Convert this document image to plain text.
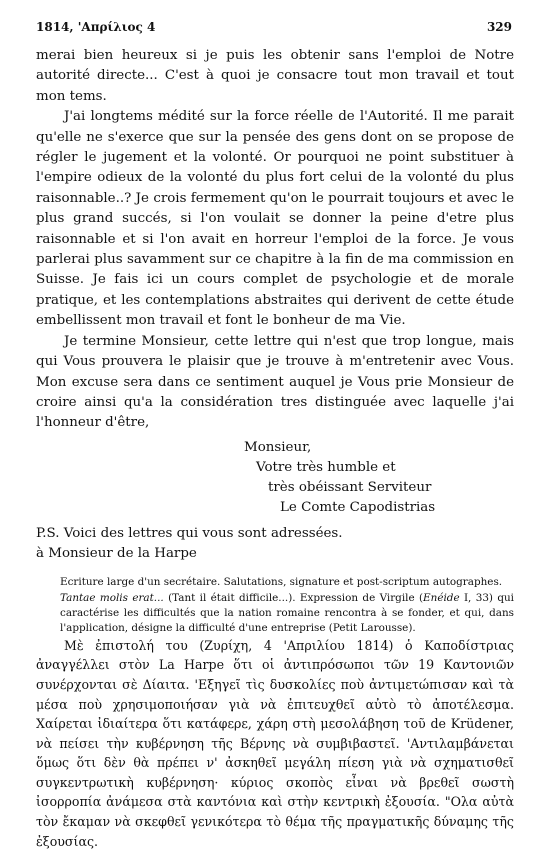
1814, 'Απρίλιος 4	329

merai bien heureux si je puis les obtenir sans l'emploi de Notre autorité directe... C'est à quoi je consacre tout mon travail et tout mon tems.

J'ai longtems médité sur la force réelle de l'Autorité. Il me parait qu'elle ne s'exerce que sur la pensée des gens dont on se propose de régler le jugement et la volonté. Or pourquoi ne point substituer à l'empire odieux de la volonté du plus fort celui de la volonté du plus raisonnable..? Je crois fermement qu'on le pourrait toujours et avec le plus grand succés, si l'on voulait se donner la peine d'etre plus raisonnable et si l'on avait en horreur l'emploi de la force. Je vous parlerai plus savamment sur ce chapitre à la fin de ma commission en Suisse. Je fais ici un cours complet de psychologie et de morale pratique, et les contemplations abstraites qui derivent de cette étude embellissent mon travail et font le bonheur de ma Vie.

Je termine Monsieur, cette lettre qui n'est que trop longue, mais qui Vous prouvera le plaisir que je trouve à m'entretenir avec Vous. Mon excuse sera dans ce sentiment auquel je Vous prie Monsieur de croire ainsi qu'a la considération tres distinguée avec laquelle j'ai l'honneur d'être,

Monsieur,
Votre très humble et
très obéissant Serviteur
Le Comte Capodistrias

P.S. Voici des lettres qui vous sont adressées.

à Monsieur de la Harpe

Ecriture large d'un secrétaire. Salutations, signature et post-scriptum autographes.

Tantae molis erat... (Tant il était difficile...). Expression de Virgile (Enéide I, 33) qui caractérise les difficultés que la nation romaine rencontra à se fonder, et qui, dans l'application, désigne la difficulté d'une entreprise (Petit Larousse).

Μὲ ἐπιστολή του (Ζυρίχη, 4 'Απριλίου 1814) ὁ Καποδίστριας ἀναγγέλλει στὸν La Harpe ὅτι οἱ ἀντιπρόσωποι τῶν 19 Καντονιῶν συνέρχονται σὲ Δίαιτα. 'Εξηγεῖ τὶς δυσκολίες ποὺ ἀντιμετώπισαν καὶ τὰ μέσα ποὺ χρησιμοποιήσαν γιὰ νὰ ἐπιτευχθεῖ αὐτὸ τὸ ἀποτέλεσμα. Χαίρεται ἰδιαίτερα ὅτι κατάφερε, χάρη στὴ μεσολάβηση τοῦ de Krüdener, νὰ πείσει τὴν κυβέρνηση τῆς Βέρνης νὰ συμβιβαστεῖ. 'Αντιλαμβάνεται ὅμως ὅτι δὲν θὰ πρέπει ν' ἀσκηθεῖ μεγάλη πίεση γιὰ νὰ σχηματισθεῖ συγκεντρωτικὴ κυβέρνηση· κύριος σκοπὸς εἶναι νὰ βρεθεῖ σωστὴ ἰσορροπία ἀνάμεσα στὰ καντόνια καὶ στὴν κεντρικὴ ἐξουσία. "Ολα αὐτὰ τὸν ἔκαμαν νὰ σκεφθεῖ γενικότερα τὸ θέμα τῆς πραγματικῆς δύναμης τῆς ἐξουσίας.
